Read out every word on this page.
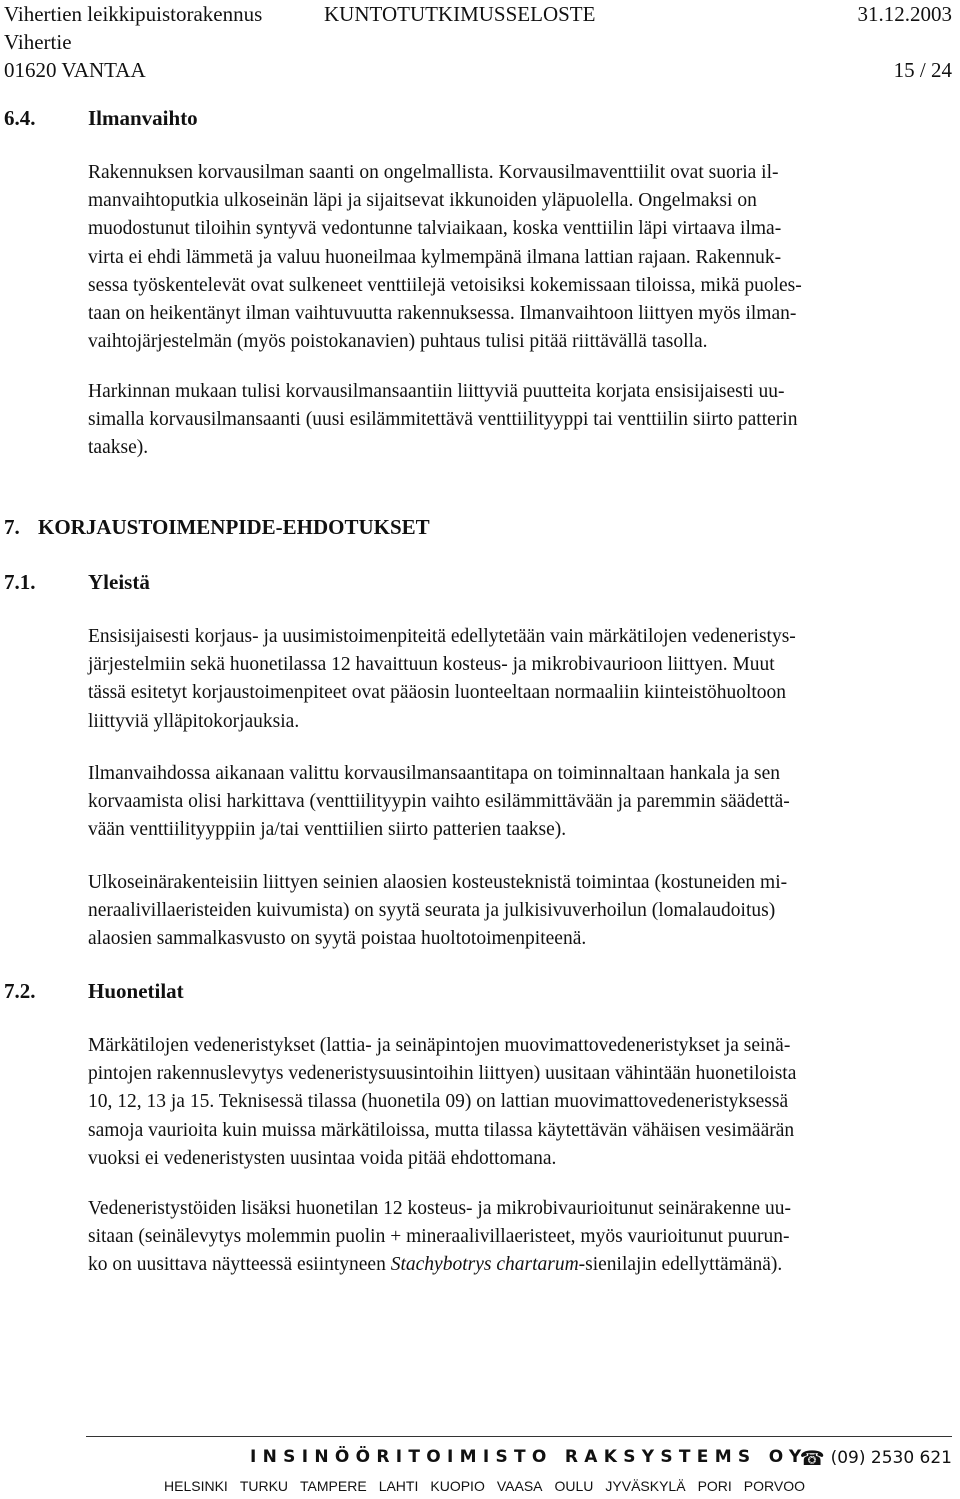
Vihertien leikkipuistorakennus	KUNTOTUTKIMUSSELOSTE	31.12.2003
Vihertie
01620 VANTAA	15 / 24
6.4.	Ilmanvaihto
Rakennuksen korvausilman saanti on ongelmallista. Korvausilmaventtiilit ovat suoria il-
manvaihtoputkia ulkoseinän läpi ja sijaitsevat ikkunoiden yläpuolella. Ongelmaksi on
muodostunut tiloihin syntyvä vedontunne talviaikaan, koska venttiilin läpi virtaava ilma-
virta ei ehdi lämmetä ja valuu huoneilmaa kylmempänä ilmana lattian rajaan. Rakennuk-
sessa työskentelevät ovat sulkeneet venttiilejä vetoisiksi kokemissaan tiloissa, mikä puoles-
taan on heikentänyt ilman vaihtuvuutta rakennuksessa. Ilmanvaihtoon liittyen myös ilman-
vaihtojärjestelmän (myös poistokanavien) puhtaus tulisi pitää riittävällä tasolla.
Harkinnan mukaan tulisi korvausilmansaantiin liittyviä puutteita korjata ensisijaisesti uu-
simalla korvausilmansaanti (uusi esilämmitettävä venttiilityyppi tai venttiilin siirto patterin
taakse).
7. KORJAUSTOIMENPIDE-EHDOTUKSET
7.1.	Yleistä
Ensisijaisesti korjaus- ja uusimistoimenpiteitä edellytetään vain märkätilojen vedeneristys-
järjestelmiin sekä huonetilassa 12 havaittuun kosteus- ja mikrobivaurioon liittyen. Muut
tässä esitetyt korjaustoimenpiteet ovat pääosin luonteeltaan normaaliin kiinteistöhuoltoon
liittyviä ylläpitokorjauksia.
Ilmanvaihdossa aikanaan valittu korvausilmansaantitapa on toiminnaltaan hankala ja sen
korvaamista olisi harkittava (venttiilityypin vaihto esilämmittävään ja paremmin säädettä-
vään venttiilityyppiin ja/tai venttiilien siirto patterien taakse).
Ulkoseinärakenteisiin liittyen seinien alaosien kosteusteknistä toimintaa (kostuneiden mi-
neraalivillaeristeiden kuivumista) on syytä seurata ja julkisivuverhoilun (lomalaudoitus)
alaosien sammalkasvusto on syytä poistaa huoltotoimenpiteenä.
7.2.	Huonetilat
Märkätilojen vedeneristykset (lattia- ja seinäpintojen muovimattovedeneristykset ja seinä-
pintojen rakennuslevytys vedeneristysuusintoihin liittyen) uusitaan vähintään huonetiloista
10, 12, 13 ja 15. Teknisessä tilassa (huonetila 09) on lattian muovimattovedeneristyksessä
samoja vaurioita kuin muissa märkätiloissa, mutta tilassa käytettävän vähäisen vesimäärän
vuoksi ei vedeneristysten uusintaa voida pitää ehdottomana.
Vedeneristystöiden lisäksi huonetilan 12 kosteus- ja mikrobivaurioitunut seinärakenne uu-
sitaan (seinälevytys molemmin puolin + mineraalivillaeristeet, myös vaurioitunut puurun-
ko on uusittava näytteessä esiintyneen Stachybotrys chartarum-sienilajin edellyttämänä).
INSINÖÖRITOIMISTO RAKSYSTEMS OY
☎ (09) 2530 621
HELSINKI TURKU TAMPERE LAHTI KUOPIO VAASA OULU JYVÄSKYLÄ PORI PORVOO
